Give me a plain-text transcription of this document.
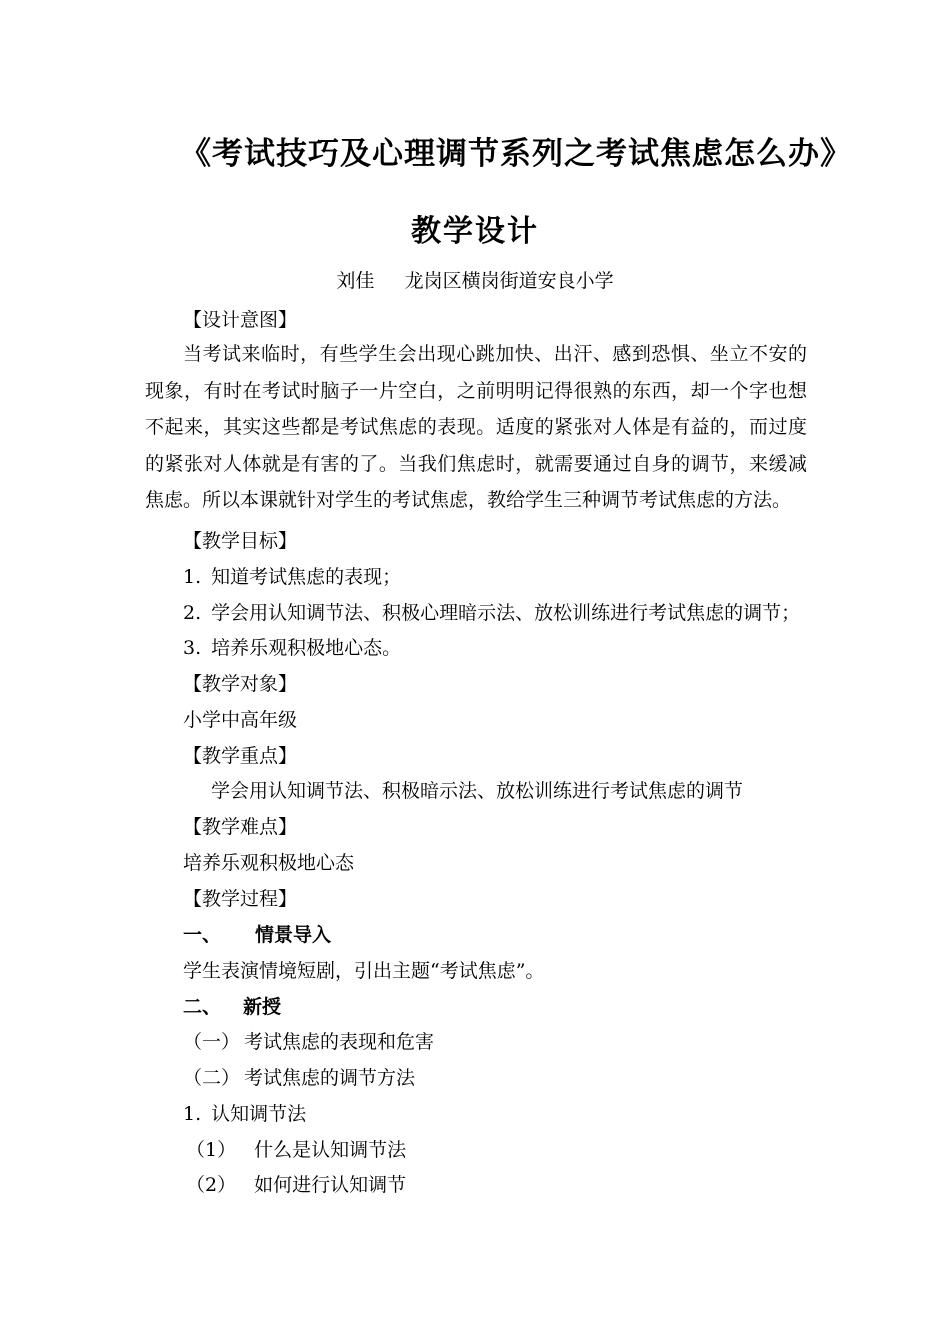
《考试技巧及心理调节系列之考试焦虑怎么办》
教学设计
刘佳     龙岗区横岗街道安良小学
【设计意图】
当考试来临时，有些学生会出现心跳加快、出汗、感到恐惧、坐立不安的现象，有时在考试时脑子一片空白，之前明明记得很熟的东西，却一个字也想不起来，其实这些都是考试焦虑的表现。适度的紧张对人体是有益的，而过度的紧张对人体就是有害的了。当我们焦虑时，就需要通过自身的调节，来缓减焦虑。所以本课就针对学生的考试焦虑，教给学生三种调节考试焦虑的方法。
【教学目标】
1. 知道考试焦虑的表现；
2. 学会用认知调节法、积极心理暗示法、放松训练进行考试焦虑的调节；
3. 培养乐观积极地心态。
【教学对象】
小学中高年级
【教学重点】
学会用认知调节法、积极暗示法、放松训练进行考试焦虑的调节
【教学难点】
培养乐观积极地心态
【教学过程】
一、 情景导入
学生表演情境短剧，引出主题“考试焦虑”。
二、 新授
（一） 考试焦虑的表现和危害
（二） 考试焦虑的调节方法
1. 认知调节法
（1） 什么是认知调节法
（2） 如何进行认知调节
